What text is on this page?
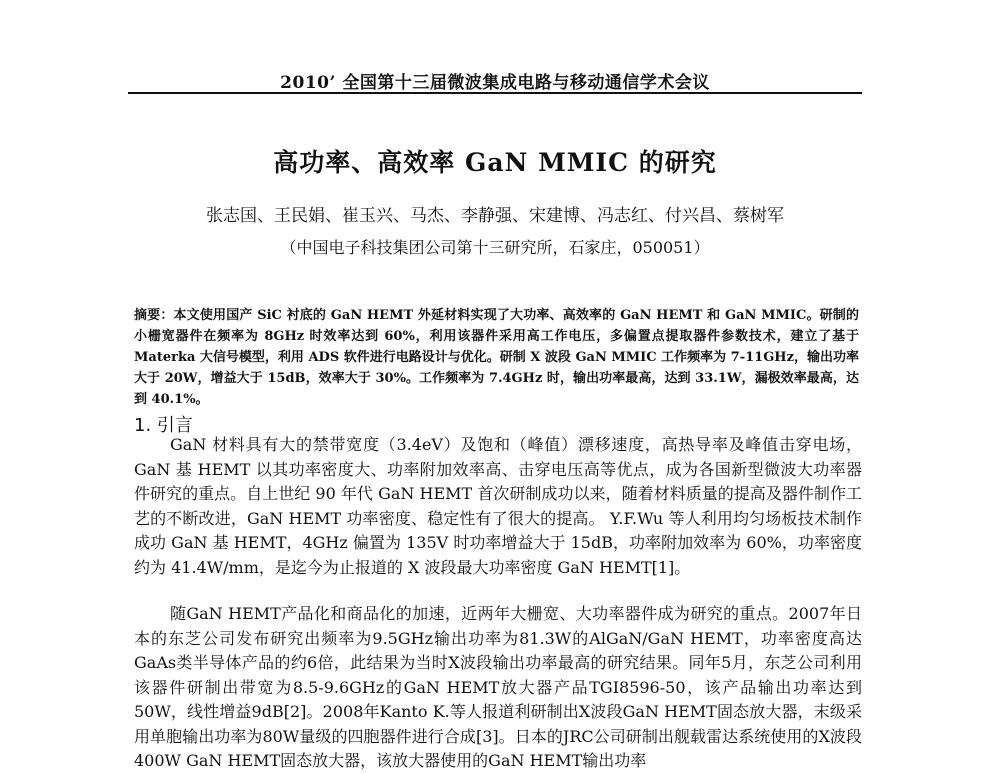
2010’ 全国第十三届微波集成电路与移动通信学术会议
高功率、高效率 GaN MMIC 的研究
张志国、王民娟、崔玉兴、马杰、李静强、宋建博、冯志红、付兴昌、蔡树军
（中国电子科技集团公司第十三研究所，石家庄，050051）
摘要：本文使用国产 SiC 衬底的 GaN HEMT 外延材料实现了大功率、高效率的 GaN HEMT 和 GaN MMIC。研制的小栅宽器件在频率为 8GHz 时效率达到 60%，利用该器件采用高工作电压，多偏置点提取器件参数技术，建立了基于 Materka 大信号模型，利用 ADS 软件进行电路设计与优化。研制 X 波段 GaN MMIC 工作频率为 7-11GHz，输出功率大于 20W，增益大于 15dB，效率大于 30%。工作频率为 7.4GHz 时，输出功率最高，达到 33.1W，漏极效率最高，达到 40.1%。
1. 引言
GaN 材料具有大的禁带宽度（3.4eV）及饱和（峰值）漂移速度，高热导率及峰值击穿电场，GaN 基 HEMT 以其功率密度大、功率附加效率高、击穿电压高等优点，成为各国新型微波大功率器件研究的重点。自上世纪 90 年代 GaN HEMT 首次研制成功以来，随着材料质量的提高及器件制作工艺的不断改进，GaN HEMT 功率密度、稳定性有了很大的提高。 Y.F.Wu 等人利用均匀场板技术制作成功 GaN 基 HEMT，4GHz 偏置为 135V 时功率增益大于 15dB，功率附加效率为 60%，功率密度约为 41.4W/mm，是迄今为止报道的 X 波段最大功率密度 GaN HEMT[1]。
随GaN HEMT产品化和商品化的加速，近两年大栅宽、大功率器件成为研究的重点。2007年日本的东芝公司发布研究出频率为9.5GHz输出功率为81.3W的AlGaN/GaN HEMT，功率密度高达GaAs类半导体产品的约6倍，此结果为当时X波段输出功率最高的研究结果。同年5月，东芝公司利用该器件研制出带宽为8.5-9.6GHz的GaN HEMT放大器产品TGI8596-50，该产品输出功率达到50W，线性增益9dB[2]。2008年Kanto K.等人报道利研制出X波段GaN HEMT固态放大器，末级采用单胞输出功率为80W量级的四胞器件进行合成[3]。日本的JRC公司研制出舰载雷达系统使用的X波段400W GaN HEMT固态放大器，该放大器使用的GaN HEMT输出功率
